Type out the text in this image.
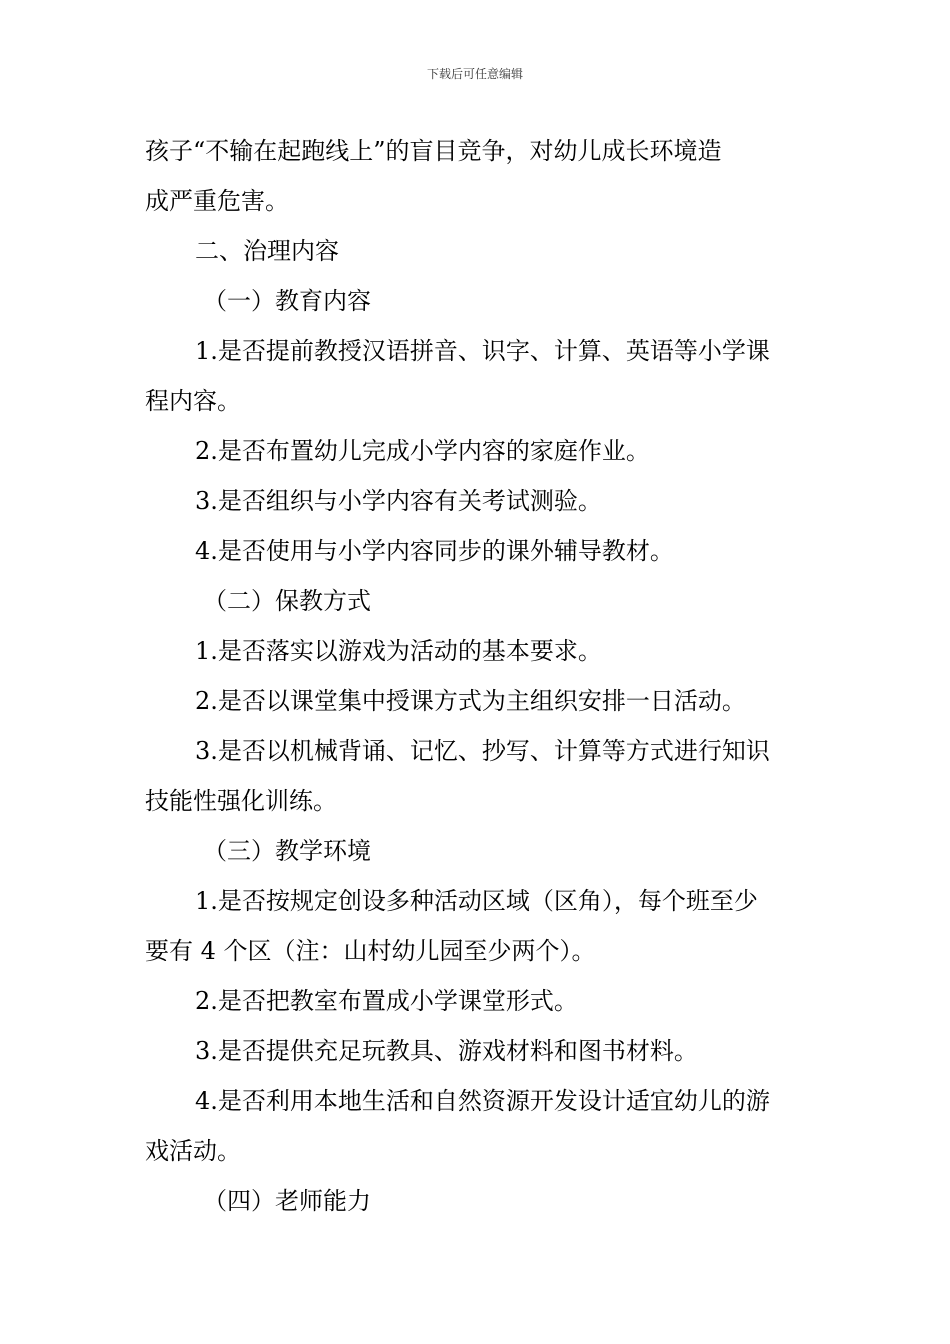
下载后可任意编辑

孩子“不输在起跑线上”的盲目竞争，对幼儿成长环境造

成严重危害。

二、治理内容

（一）教育内容

1.是否提前教授汉语拼音、识字、计算、英语等小学课

程内容。

2.是否布置幼儿完成小学内容的家庭作业。

3.是否组织与小学内容有关考试测验。

4.是否使用与小学内容同步的课外辅导教材。

（二）保教方式

1.是否落实以游戏为活动的基本要求。

2.是否以课堂集中授课方式为主组织安排一日活动。

3.是否以机械背诵、记忆、抄写、计算等方式进行知识

技能性强化训练。

（三）教学环境

1.是否按规定创设多种活动区域（区角），每个班至少

要有 4 个区（注：山村幼儿园至少两个）。

2.是否把教室布置成小学课堂形式。

3.是否提供充足玩教具、游戏材料和图书材料。

4.是否利用本地生活和自然资源开发设计适宜幼儿的游

戏活动。

（四）老师能力
